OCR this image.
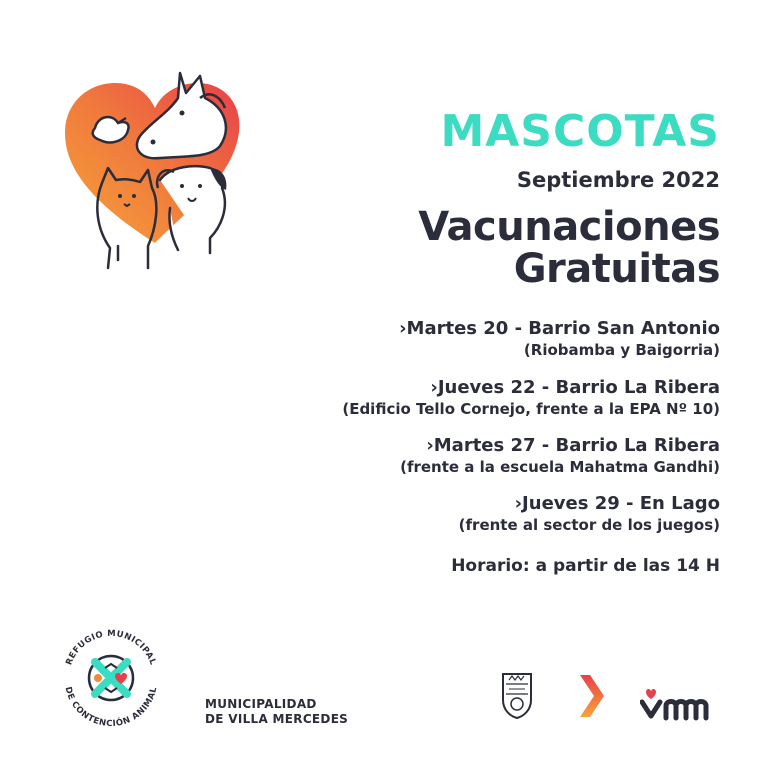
MASCOTAS
Septiembre 2022
Vacunaciones
Gratuitas
›Martes 20 - Barrio San Antonio
(Riobamba y Baigorria)
›Jueves 22 - Barrio La Ribera
(Edificio Tello Cornejo, frente a la EPA Nº 10)
›Martes 27 - Barrio La Ribera
(frente a la escuela Mahatma Gandhi)
›Jueves 29 - En Lago
(frente al sector de los juegos)
Horario: a partir de las 14 H
REFUGIO MUNICIPAL
DE CONTENCIÓN ANIMAL
MUNICIPALIDAD
DE VILLA MERCEDES
